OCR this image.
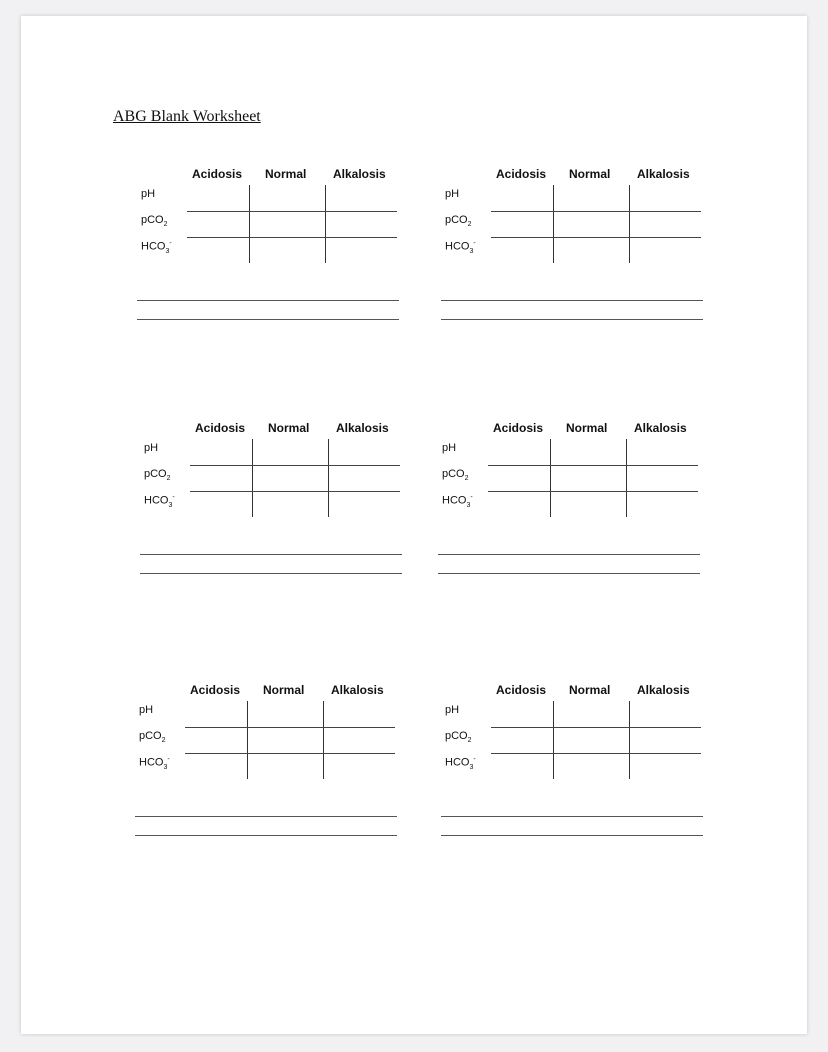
ABG Blank Worksheet
Acidosis Normal Alkalosis
pH
pCO$_2$
$HCO_3^-$
Acidosis Normal Alkalosis
pH
pCO$_2$
$HCO_3^-$
Acidosis Normal Alkalosis
pH
pCO$_2$
$HCO_3^-$
Acidosis Normal Alkalosis
pH
pCO$_2$
$HCO_3^-$
Acidosis Normal Alkalosis
pH
pCO$_2$
$HCO_3^-$
Acidosis Normal Alkalosis
pH
pCO$_2$
$HCO_3^-$
